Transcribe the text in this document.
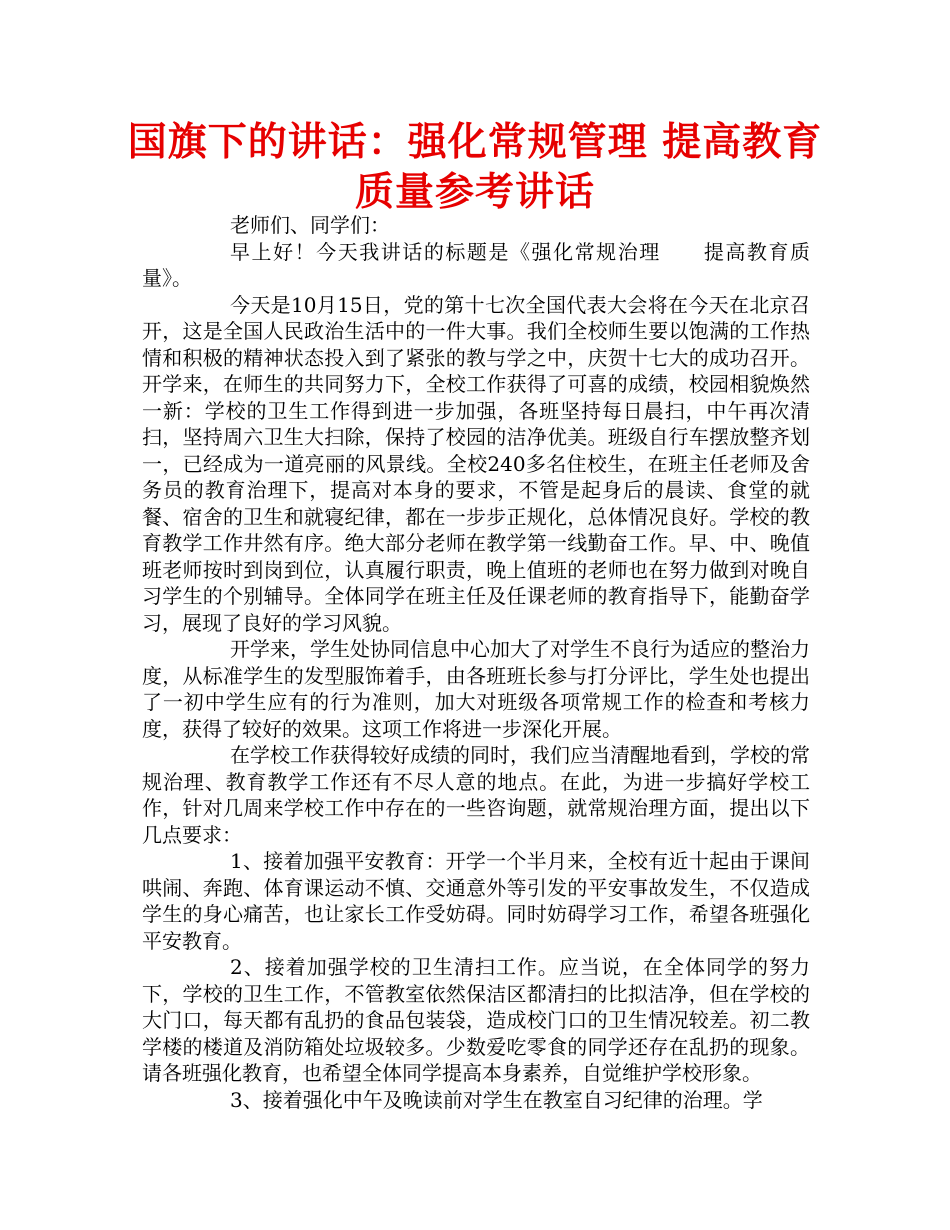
国旗下的讲话：强化常规管理 提高教育质量参考讲话

老师们、同学们：

早上好！今天我讲话的标题是《强化常规治理　　提高教育质量》。

今天是10月15日，党的第十七次全国代表大会将在今天在北京召开，这是全国人民政治生活中的一件大事。我们全校师生要以饱满的工作热情和积极的精神状态投入到了紧张的教与学之中，庆贺十七大的成功召开。开学来，在师生的共同努力下，全校工作获得了可喜的成绩，校园相貌焕然一新：学校的卫生工作得到进一步加强，各班坚持每日晨扫，中午再次清扫，坚持周六卫生大扫除，保持了校园的洁净优美。班级自行车摆放整齐划一，已经成为一道亮丽的风景线。全校240多名住校生，在班主任老师及舍务员的教育治理下，提高对本身的要求，不管是起身后的晨读、食堂的就餐、宿舍的卫生和就寝纪律，都在一步步正规化，总体情况良好。学校的教育教学工作井然有序。绝大部分老师在教学第一线勤奋工作。早、中、晚值班老师按时到岗到位，认真履行职责，晚上值班的老师也在努力做到对晚自习学生的个别辅导。全体同学在班主任及任课老师的教育指导下，能勤奋学习，展现了良好的学习风貌。

开学来，学生处协同信息中心加大了对学生不良行为适应的整治力度，从标准学生的发型服饰着手，由各班班长参与打分评比，学生处也提出了一初中学生应有的行为准则，加大对班级各项常规工作的检查和考核力度，获得了较好的效果。这项工作将进一步深化开展。

在学校工作获得较好成绩的同时，我们应当清醒地看到，学校的常规治理、教育教学工作还有不尽人意的地点。在此，为进一步搞好学校工作，针对几周来学校工作中存在的一些咨询题，就常规治理方面，提出以下几点要求：

1、接着加强平安教育：开学一个半月来，全校有近十起由于课间哄闹、奔跑、体育课运动不慎、交通意外等引发的平安事故发生，不仅造成学生的身心痛苦，也让家长工作受妨碍。同时妨碍学习工作，希望各班强化平安教育。

2、接着加强学校的卫生清扫工作。应当说，在全体同学的努力下，学校的卫生工作，不管教室依然保洁区都清扫的比拟洁净，但在学校的大门口，每天都有乱扔的食品包装袋，造成校门口的卫生情况较差。初二教学楼的楼道及消防箱处垃圾较多。少数爱吃零食的同学还存在乱扔的现象。请各班强化教育，也希望全体同学提高本身素养，自觉维护学校形象。

3、接着强化中午及晚读前对学生在教室自习纪律的治理。学
